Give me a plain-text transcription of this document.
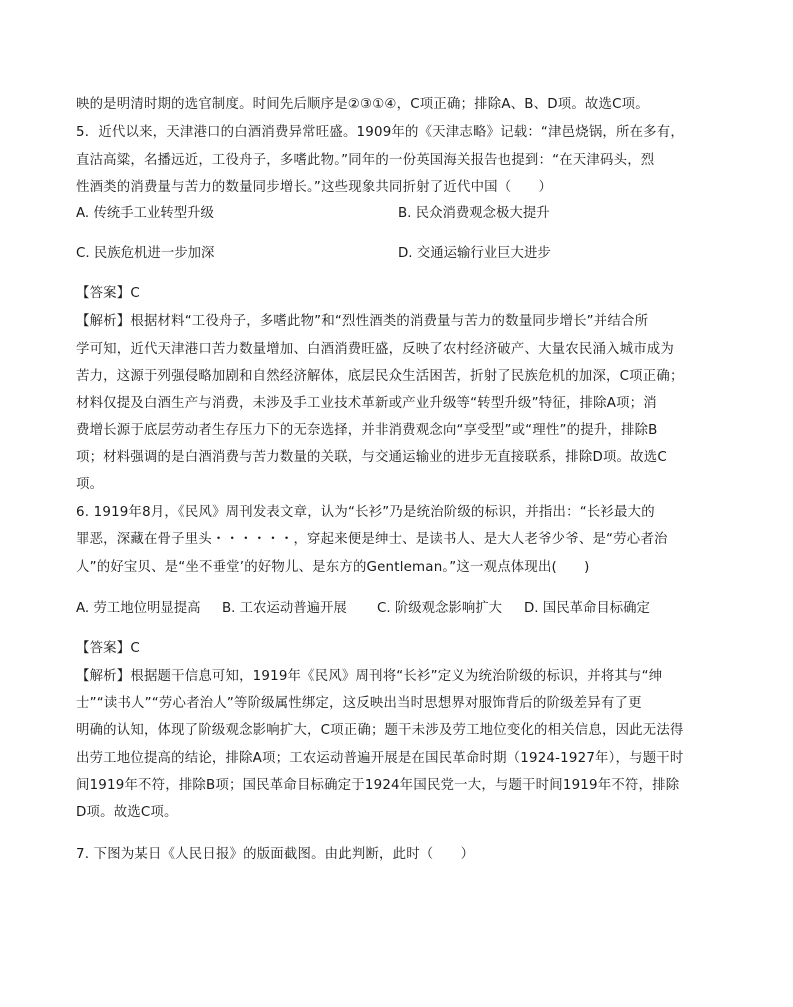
映的是明清时期的选官制度。时间先后顺序是②③①④，C项正确；排除A、B、D项。故选C项。
5．近代以来，天津港口的白酒消费异常旺盛。1909年的《天津志略》记载：“津邑烧锅，所在多有，
直沽高粱，名播远近，工役舟子，多嗜此物。”同年的一份英国海关报告也提到：“在天津码头，烈
性酒类的消费量与苦力的数量同步增长。”这些现象共同折射了近代中国（　　）
A. 传统手工业转型升级	B. 民众消费观念极大提升
C. 民族危机进一步加深	D. 交通运输行业巨大进步
【答案】C
【解析】根据材料“工役舟子，多嗜此物”和“烈性酒类的消费量与苦力的数量同步增长”并结合所
学可知，近代天津港口苦力数量增加、白酒消费旺盛，反映了农村经济破产、大量农民涌入城市成为
苦力，这源于列强侵略加剧和自然经济解体，底层民众生活困苦，折射了民族危机的加深，C项正确；
材料仅提及白酒生产与消费，未涉及手工业技术革新或产业升级等“转型升级”特征，排除A项；消
费增长源于底层劳动者生存压力下的无奈选择，并非消费观念向“享受型”或“理性”的提升，排除B
项；材料强调的是白酒消费与苦力数量的关联，与交通运输业的进步无直接联系，排除D项。故选C
项。
6. 1919年8月，《民风》周刊发表文章，认为“长衫”乃是统治阶级的标识，并指出：“长衫最大的
罪恶，深藏在骨子里头・・・・・・，穿起来便是绅士、是读书人、是大人老爷少爷、是“劳心者治
人”的好宝贝、是“坐不垂堂’的好物儿、是东方的Gentleman。”这一观点体现出(　　)
A. 劳工地位明显提高 B. 工农运动普遍开展 C. 阶级观念影响扩大 D. 国民革命目标确定
【答案】C
【解析】根据题干信息可知，1919年《民风》周刊将“长衫”定义为统治阶级的标识，并将其与“绅
士”“读书人”“劳心者治人”等阶级属性绑定，这反映出当时思想界对服饰背后的阶级差异有了更
明确的认知，体现了阶级观念影响扩大，C项正确；题干未涉及劳工地位变化的相关信息，因此无法得
出劳工地位提高的结论，排除A项；工农运动普遍开展是在国民革命时期（1924-1927年），与题干时
间1919年不符，排除B项；国民革命目标确定于1924年国民党一大，与题干时间1919年不符，排除
D项。故选C项。
7. 下图为某日《人民日报》的版面截图。由此判断，此时（　　）
